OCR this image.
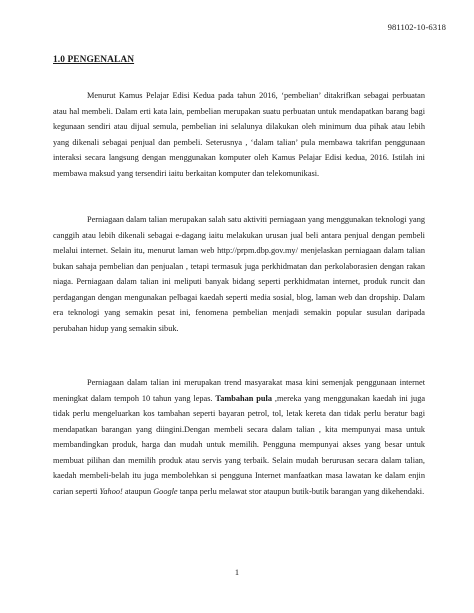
981102-10-6318
1.0 PENGENALAN

Menurut Kamus Pelajar Edisi Kedua pada tahun 2016, ‘pembelian’ ditakrifkan sebagai perbuatan atau hal membeli. Dalam erti kata lain, pembelian merupakan suatu perbuatan untuk mendapatkan barang bagi kegunaan sendiri atau dijual semula, pembelian ini selalunya dilakukan oleh minimum dua pihak atau lebih yang dikenali sebagai penjual dan pembeli. Seterusnya , ‘dalam talian’ pula membawa takrifan penggunaan interaksi secara langsung dengan menggunakan komputer oleh Kamus Pelajar Edisi kedua, 2016. Istilah ini membawa maksud yang tersendiri iaitu berkaitan komputer dan telekomunikasi.

Perniagaan dalam talian merupakan salah satu aktiviti perniagaan yang menggunakan teknologi yang canggih atau lebih dikenali sebagai e-dagang iaitu melakukan urusan jual beli antara penjual dengan pembeli melalui internet. Selain itu, menurut laman web http://prpm.dbp.gov.my/ menjelaskan perniagaan dalam talian bukan sahaja pembelian dan penjualan , tetapi termasuk juga perkhidmatan dan perkolaborasien dengan rakan niaga. Perniagaan dalam talian ini meliputi banyak bidang seperti perkhidmatan internet, produk runcit dan perdagangan dengan mengunakan pelbagai kaedah seperti media sosial, blog, laman web dan dropship. Dalam era teknologi yang semakin pesat ini, fenomena pembelian menjadi semakin popular susulan daripada perubahan hidup yang semakin sibuk.

Perniagaan dalam talian ini merupakan trend masyarakat masa kini semenjak penggunaan internet meningkat dalam tempoh 10 tahun yang lepas. Tambahan pula ,mereka yang menggunakan kaedah ini juga tidak perlu mengeluarkan kos tambahan seperti bayaran petrol, tol, letak kereta dan tidak perlu beratur bagi mendapatkan barangan yang diingini.Dengan membeli secara dalam talian , kita mempunyai masa untuk membandingkan produk, harga dan mudah untuk memilih. Pengguna mempunyai akses yang besar untuk membuat pilihan dan memilih produk atau servis yang terbaik. Selain mudah berurusan secara dalam talian, kaedah membeli-belah itu juga membolehkan si pengguna Internet manfaatkan masa lawatan ke dalam enjin carian seperti Yahoo! ataupun Google tanpa perlu melawat stor ataupun butik-butik barangan yang dikehendaki.

1
